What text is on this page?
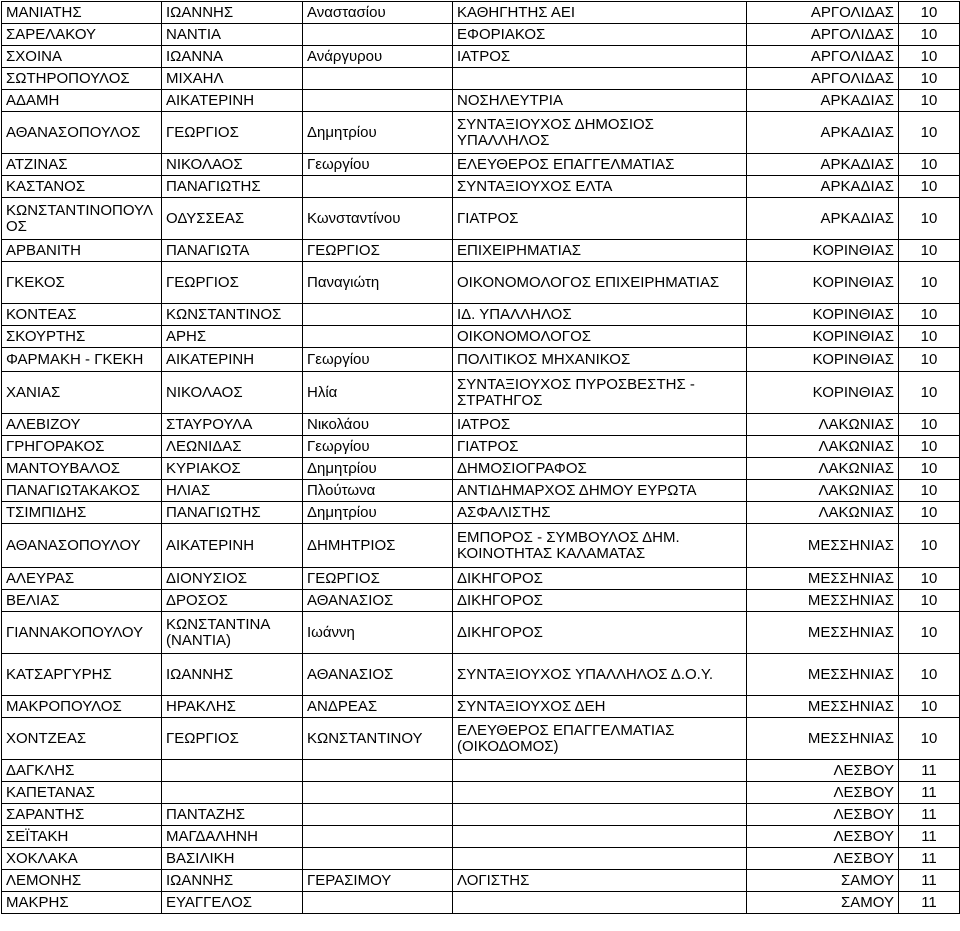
ΜΑΝΙΑΤΗΣ	ΙΩΑΝΝΗΣ	Αναστασίου	ΚΑΘΗΓΗΤΗΣ ΑΕΙ	ΑΡΓΟΛΙΔΑΣ	10
ΣΑΡΕΛΑΚΟΥ	ΝΑΝΤΙΑ		ΕΦΟΡΙΑΚΟΣ	ΑΡΓΟΛΙΔΑΣ	10
ΣΧΟΙΝΑ	ΙΩΑΝΝΑ	Ανάργυρου	ΙΑΤΡΟΣ	ΑΡΓΟΛΙΔΑΣ	10
ΣΩΤΗΡΟΠΟΥΛΟΣ	ΜΙΧΑΗΛ			ΑΡΓΟΛΙΔΑΣ	10
ΑΔΑΜΗ	ΑΙΚΑΤΕΡΙΝΗ		ΝΟΣΗΛΕΥΤΡΙΑ	ΑΡΚΑΔΙΑΣ	10
ΑΘΑΝΑΣΟΠΟΥΛΟΣ	ΓΕΩΡΓΙΟΣ	Δημητρίου	ΣΥΝΤΑΞΙΟΥΧΟΣ ΔΗΜΟΣΙΟΣ ΥΠΑΛΛΗΛΟΣ	ΑΡΚΑΔΙΑΣ	10
ΑΤΖΙΝΑΣ	ΝΙΚΟΛΑΟΣ	Γεωργίου	ΕΛΕΥΘΕΡΟΣ ΕΠΑΓΓΕΛΜΑΤΙΑΣ	ΑΡΚΑΔΙΑΣ	10
ΚΑΣΤΑΝΟΣ	ΠΑΝΑΓΙΩΤΗΣ		ΣΥΝΤΑΞΙΟΥΧΟΣ ΕΛΤΑ	ΑΡΚΑΔΙΑΣ	10
ΚΩΝΣΤΑΝΤΙΝΟΠΟΥΛΟΣ	ΟΔΥΣΣΕΑΣ	Κωνσταντίνου	ΓΙΑΤΡΟΣ	ΑΡΚΑΔΙΑΣ	10
ΑΡΒΑΝΙΤΗ	ΠΑΝΑΓΙΩΤΑ	ΓΕΩΡΓΙΟΣ	ΕΠΙΧΕΙΡΗΜΑΤΙΑΣ	ΚΟΡΙΝΘΙΑΣ	10
ΓΚΕΚΟΣ	ΓΕΩΡΓΙΟΣ	Παναγιώτη	ΟΙΚΟΝΟΜΟΛΟΓΟΣ ΕΠΙΧΕΙΡΗΜΑΤΙΑΣ	ΚΟΡΙΝΘΙΑΣ	10
ΚΟΝΤΕΑΣ	ΚΩΝΣΤΑΝΤΙΝΟΣ		ΙΔ. ΥΠΑΛΛΗΛΟΣ	ΚΟΡΙΝΘΙΑΣ	10
ΣΚΟΥΡΤΗΣ	ΑΡΗΣ		ΟΙΚΟΝΟΜΟΛΟΓΟΣ	ΚΟΡΙΝΘΙΑΣ	10
ΦΑΡΜΑΚΗ - ΓΚΕΚΗ	ΑΙΚΑΤΕΡΙΝΗ	Γεωργίου	ΠΟΛΙΤΙΚΟΣ ΜΗΧΑΝΙΚΟΣ	ΚΟΡΙΝΘΙΑΣ	10
ΧΑΝΙΑΣ	ΝΙΚΟΛΑΟΣ	Ηλία	ΣΥΝΤΑΞΙΟΥΧΟΣ ΠΥΡΟΣΒΕΣΤΗΣ - ΣΤΡΑΤΗΓΟΣ	ΚΟΡΙΝΘΙΑΣ	10
ΑΛΕΒΙΖΟΥ	ΣΤΑΥΡΟΥΛΑ	Νικολάου	ΙΑΤΡΟΣ	ΛΑΚΩΝΙΑΣ	10
ΓΡΗΓΟΡΑΚΟΣ	ΛΕΩΝΙΔΑΣ	Γεωργίου	ΓΙΑΤΡΟΣ	ΛΑΚΩΝΙΑΣ	10
ΜΑΝΤΟΥΒΑΛΟΣ	ΚΥΡΙΑΚΟΣ	Δημητρίου	ΔΗΜΟΣΙΟΓΡΑΦΟΣ	ΛΑΚΩΝΙΑΣ	10
ΠΑΝΑΓΙΩΤΑΚΑΚΟΣ	ΗΛΙΑΣ	Πλούτωνα	ΑΝΤΙΔΗΜΑΡΧΟΣ ΔΗΜΟΥ ΕΥΡΩΤΑ	ΛΑΚΩΝΙΑΣ	10
ΤΣΙΜΠΙΔΗΣ	ΠΑΝΑΓΙΩΤΗΣ	Δημητρίου	ΑΣΦΑΛΙΣΤΗΣ	ΛΑΚΩΝΙΑΣ	10
ΑΘΑΝΑΣΟΠΟΥΛΟΥ	ΑΙΚΑΤΕΡΙΝΗ	ΔΗΜΗΤΡΙΟΣ	ΕΜΠΟΡΟΣ - ΣΥΜΒΟΥΛΟΣ ΔΗΜ. ΚΟΙΝΟΤΗΤΑΣ ΚΑΛΑΜΑΤΑΣ	ΜΕΣΣΗΝΙΑΣ	10
ΑΛΕΥΡΑΣ	ΔΙΟΝΥΣΙΟΣ	ΓΕΩΡΓΙΟΣ	ΔΙΚΗΓΟΡΟΣ	ΜΕΣΣΗΝΙΑΣ	10
ΒΕΛΙΑΣ	ΔΡΟΣΟΣ	ΑΘΑΝΑΣΙΟΣ	ΔΙΚΗΓΟΡΟΣ	ΜΕΣΣΗΝΙΑΣ	10
ΓΙΑΝΝΑΚΟΠΟΥΛΟΥ	ΚΩΝΣΤΑΝΤΙΝΑ (ΝΑΝΤΙΑ)	Ιωάννη	ΔΙΚΗΓΟΡΟΣ	ΜΕΣΣΗΝΙΑΣ	10
ΚΑΤΣΑΡΓΥΡΗΣ	ΙΩΑΝΝΗΣ	ΑΘΑΝΑΣΙΟΣ	ΣΥΝΤΑΞΙΟΥΧΟΣ ΥΠΑΛΛΗΛΟΣ Δ.Ο.Υ.	ΜΕΣΣΗΝΙΑΣ	10
ΜΑΚΡΟΠΟΥΛΟΣ	ΗΡΑΚΛΗΣ	ΑΝΔΡΕΑΣ	ΣΥΝΤΑΞΙΟΥΧΟΣ ΔΕΗ	ΜΕΣΣΗΝΙΑΣ	10
ΧΟΝΤΖΕΑΣ	ΓΕΩΡΓΙΟΣ	ΚΩΝΣΤΑΝΤΙΝΟΥ	ΕΛΕΥΘΕΡΟΣ ΕΠΑΓΓΕΛΜΑΤΙΑΣ (ΟΙΚΟΔΟΜΟΣ)	ΜΕΣΣΗΝΙΑΣ	10
ΔΑΓΚΛΗΣ				ΛΕΣΒΟΥ	11
ΚΑΠΕΤΑΝΑΣ				ΛΕΣΒΟΥ	11
ΣΑΡΑΝΤΗΣ	ΠΑΝΤΑΖΗΣ			ΛΕΣΒΟΥ	11
ΣΕΪΤΑΚΗ	ΜΑΓΔΑΛΗΝΗ			ΛΕΣΒΟΥ	11
ΧΟΚΛΑΚΑ	ΒΑΣΙΛΙΚΗ			ΛΕΣΒΟΥ	11
ΛΕΜΟΝΗΣ	ΙΩΑΝΝΗΣ	ΓΕΡΑΣΙΜΟΥ	ΛΟΓΙΣΤΗΣ	ΣΑΜΟΥ	11
ΜΑΚΡΗΣ	ΕΥΑΓΓΕΛΟΣ			ΣΑΜΟΥ	11
